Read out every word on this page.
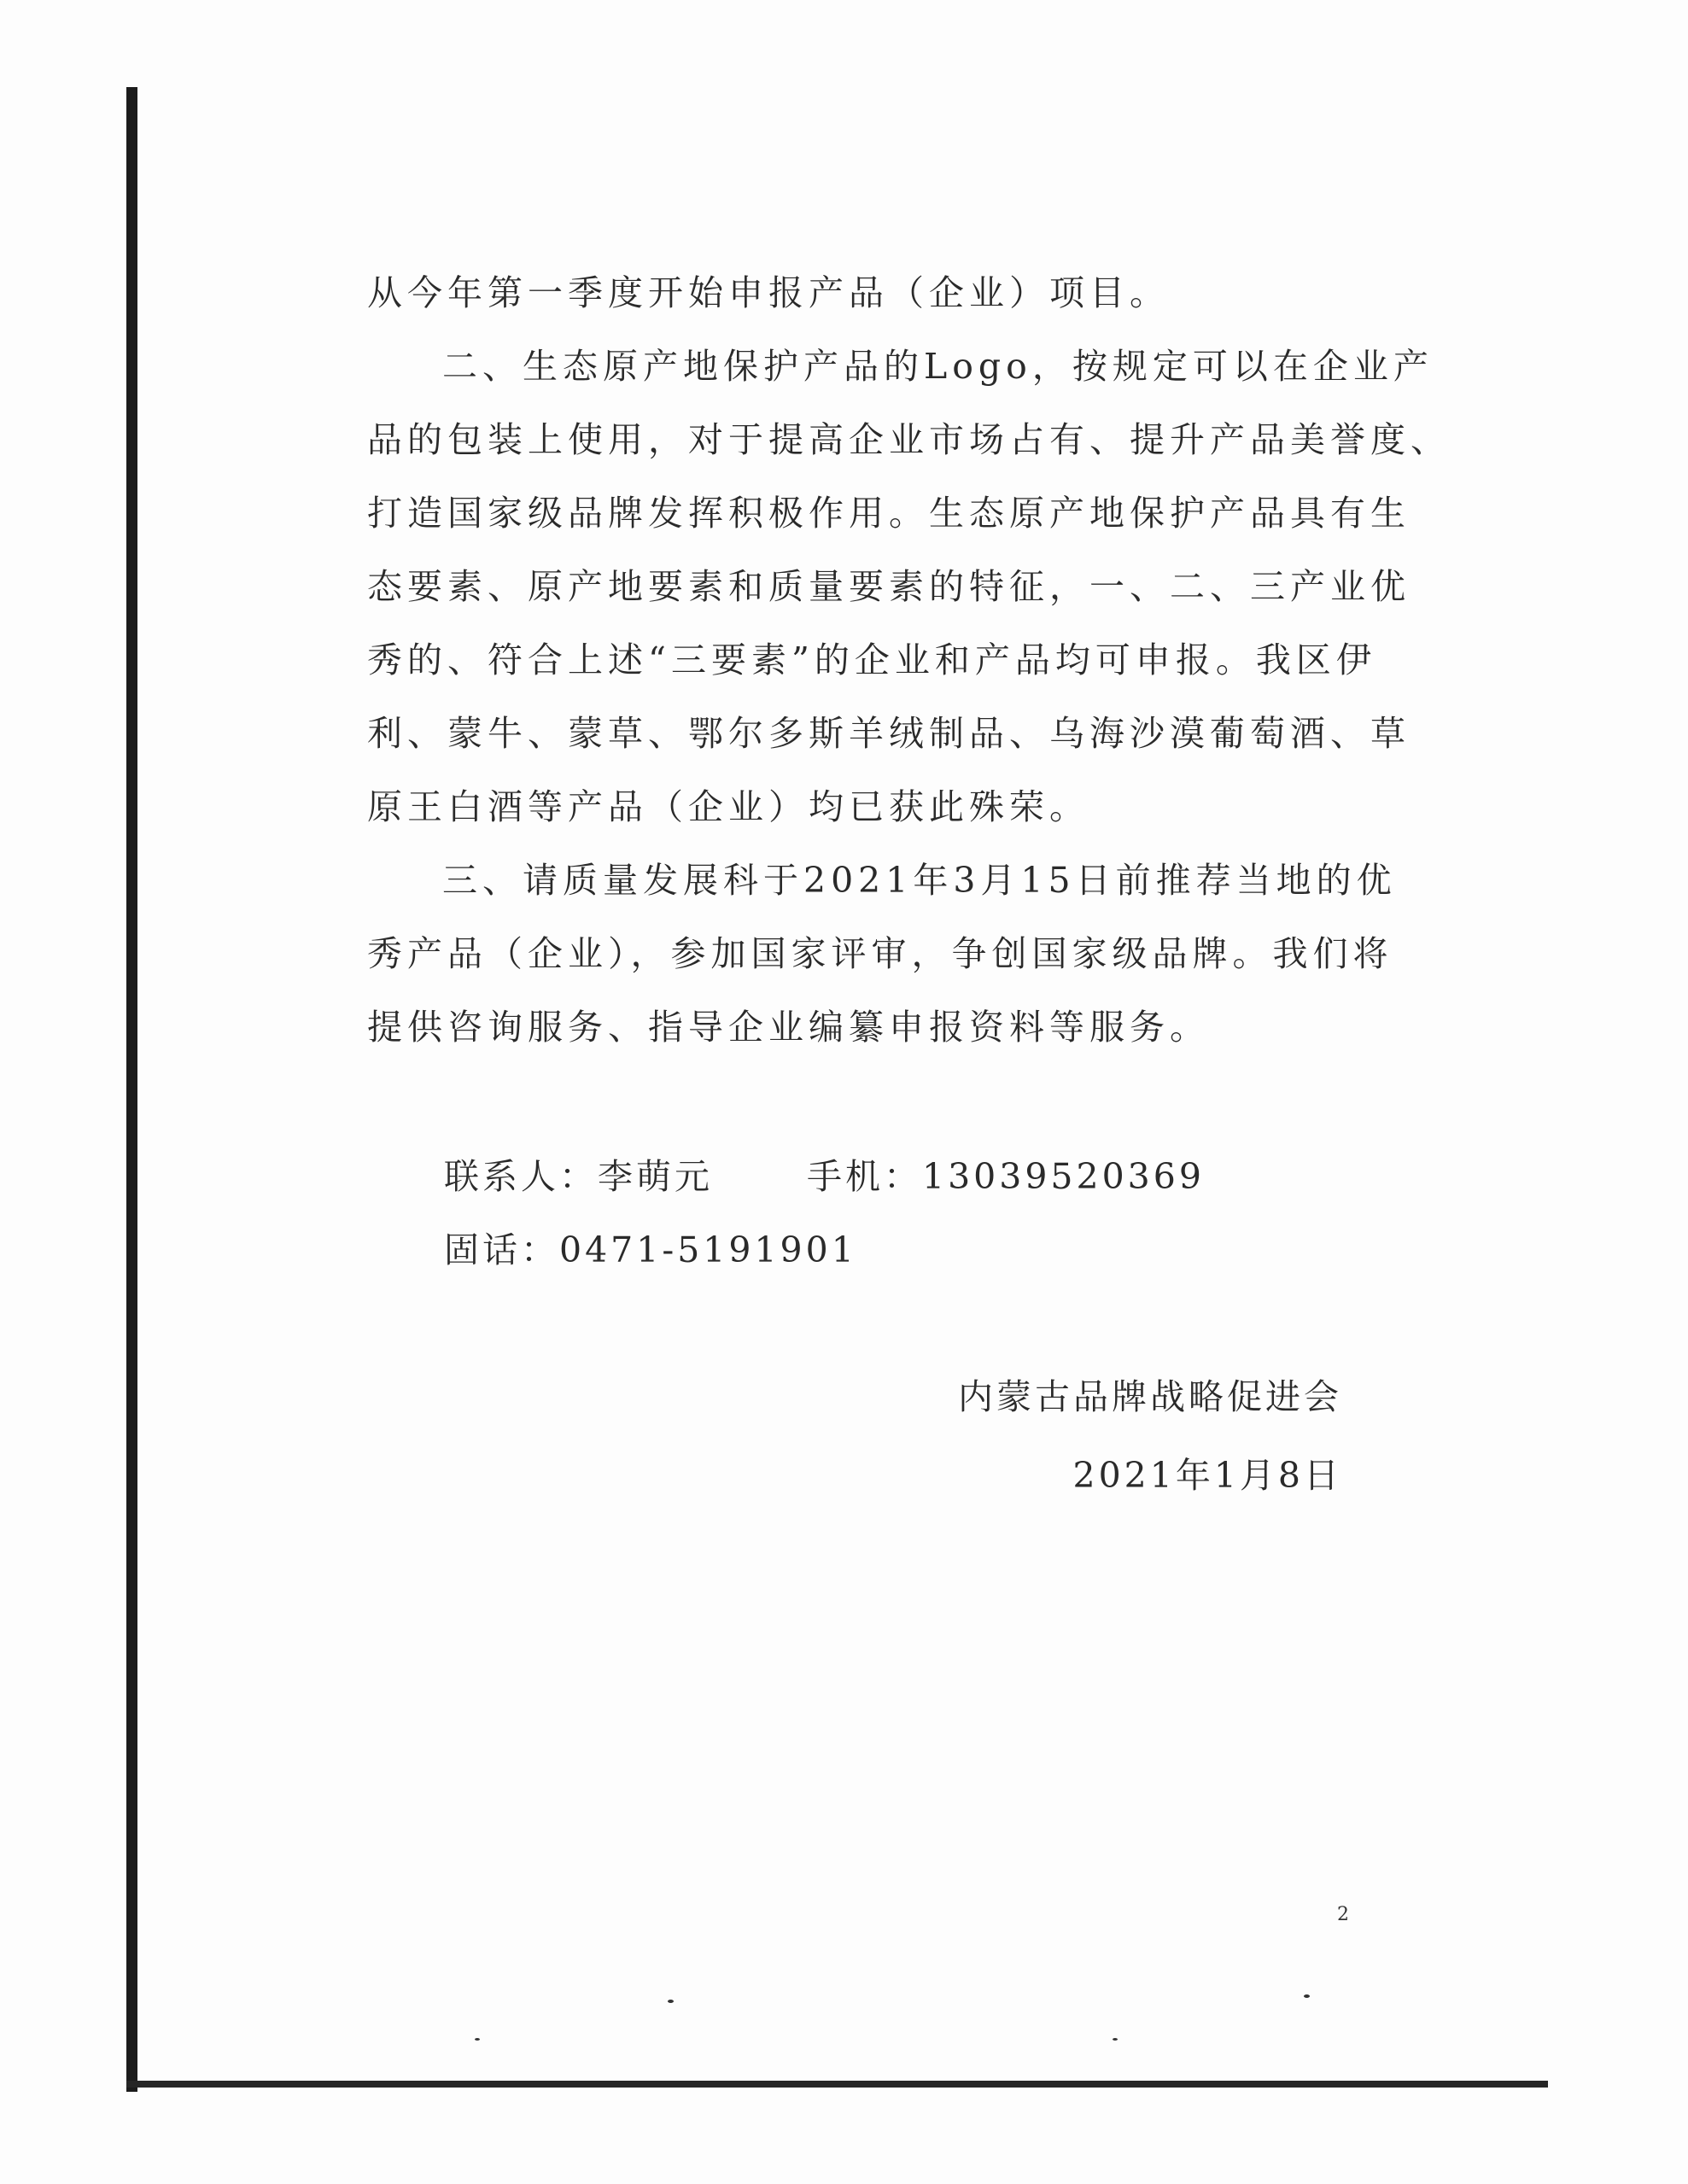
从今年第一季度开始申报产品（企业）项目。
二、生态原产地保护产品的Logo，按规定可以在企业产
品的包装上使用，对于提高企业市场占有、提升产品美誉度、
打造国家级品牌发挥积极作用。生态原产地保护产品具有生
态要素、原产地要素和质量要素的特征，一、二、三产业优
秀的、符合上述“三要素”的企业和产品均可申报。我区伊
利、蒙牛、蒙草、鄂尔多斯羊绒制品、乌海沙漠葡萄酒、草
原王白酒等产品（企业）均已获此殊荣。
三、请质量发展科于2021年3月15日前推荐当地的优
秀产品（企业），参加国家评审，争创国家级品牌。我们将
提供咨询服务、指导企业编纂申报资料等服务。
联系人：李萌元	手机：13039520369
固话：0471-5191901
内蒙古品牌战略促进会
2021年1月8日
2
